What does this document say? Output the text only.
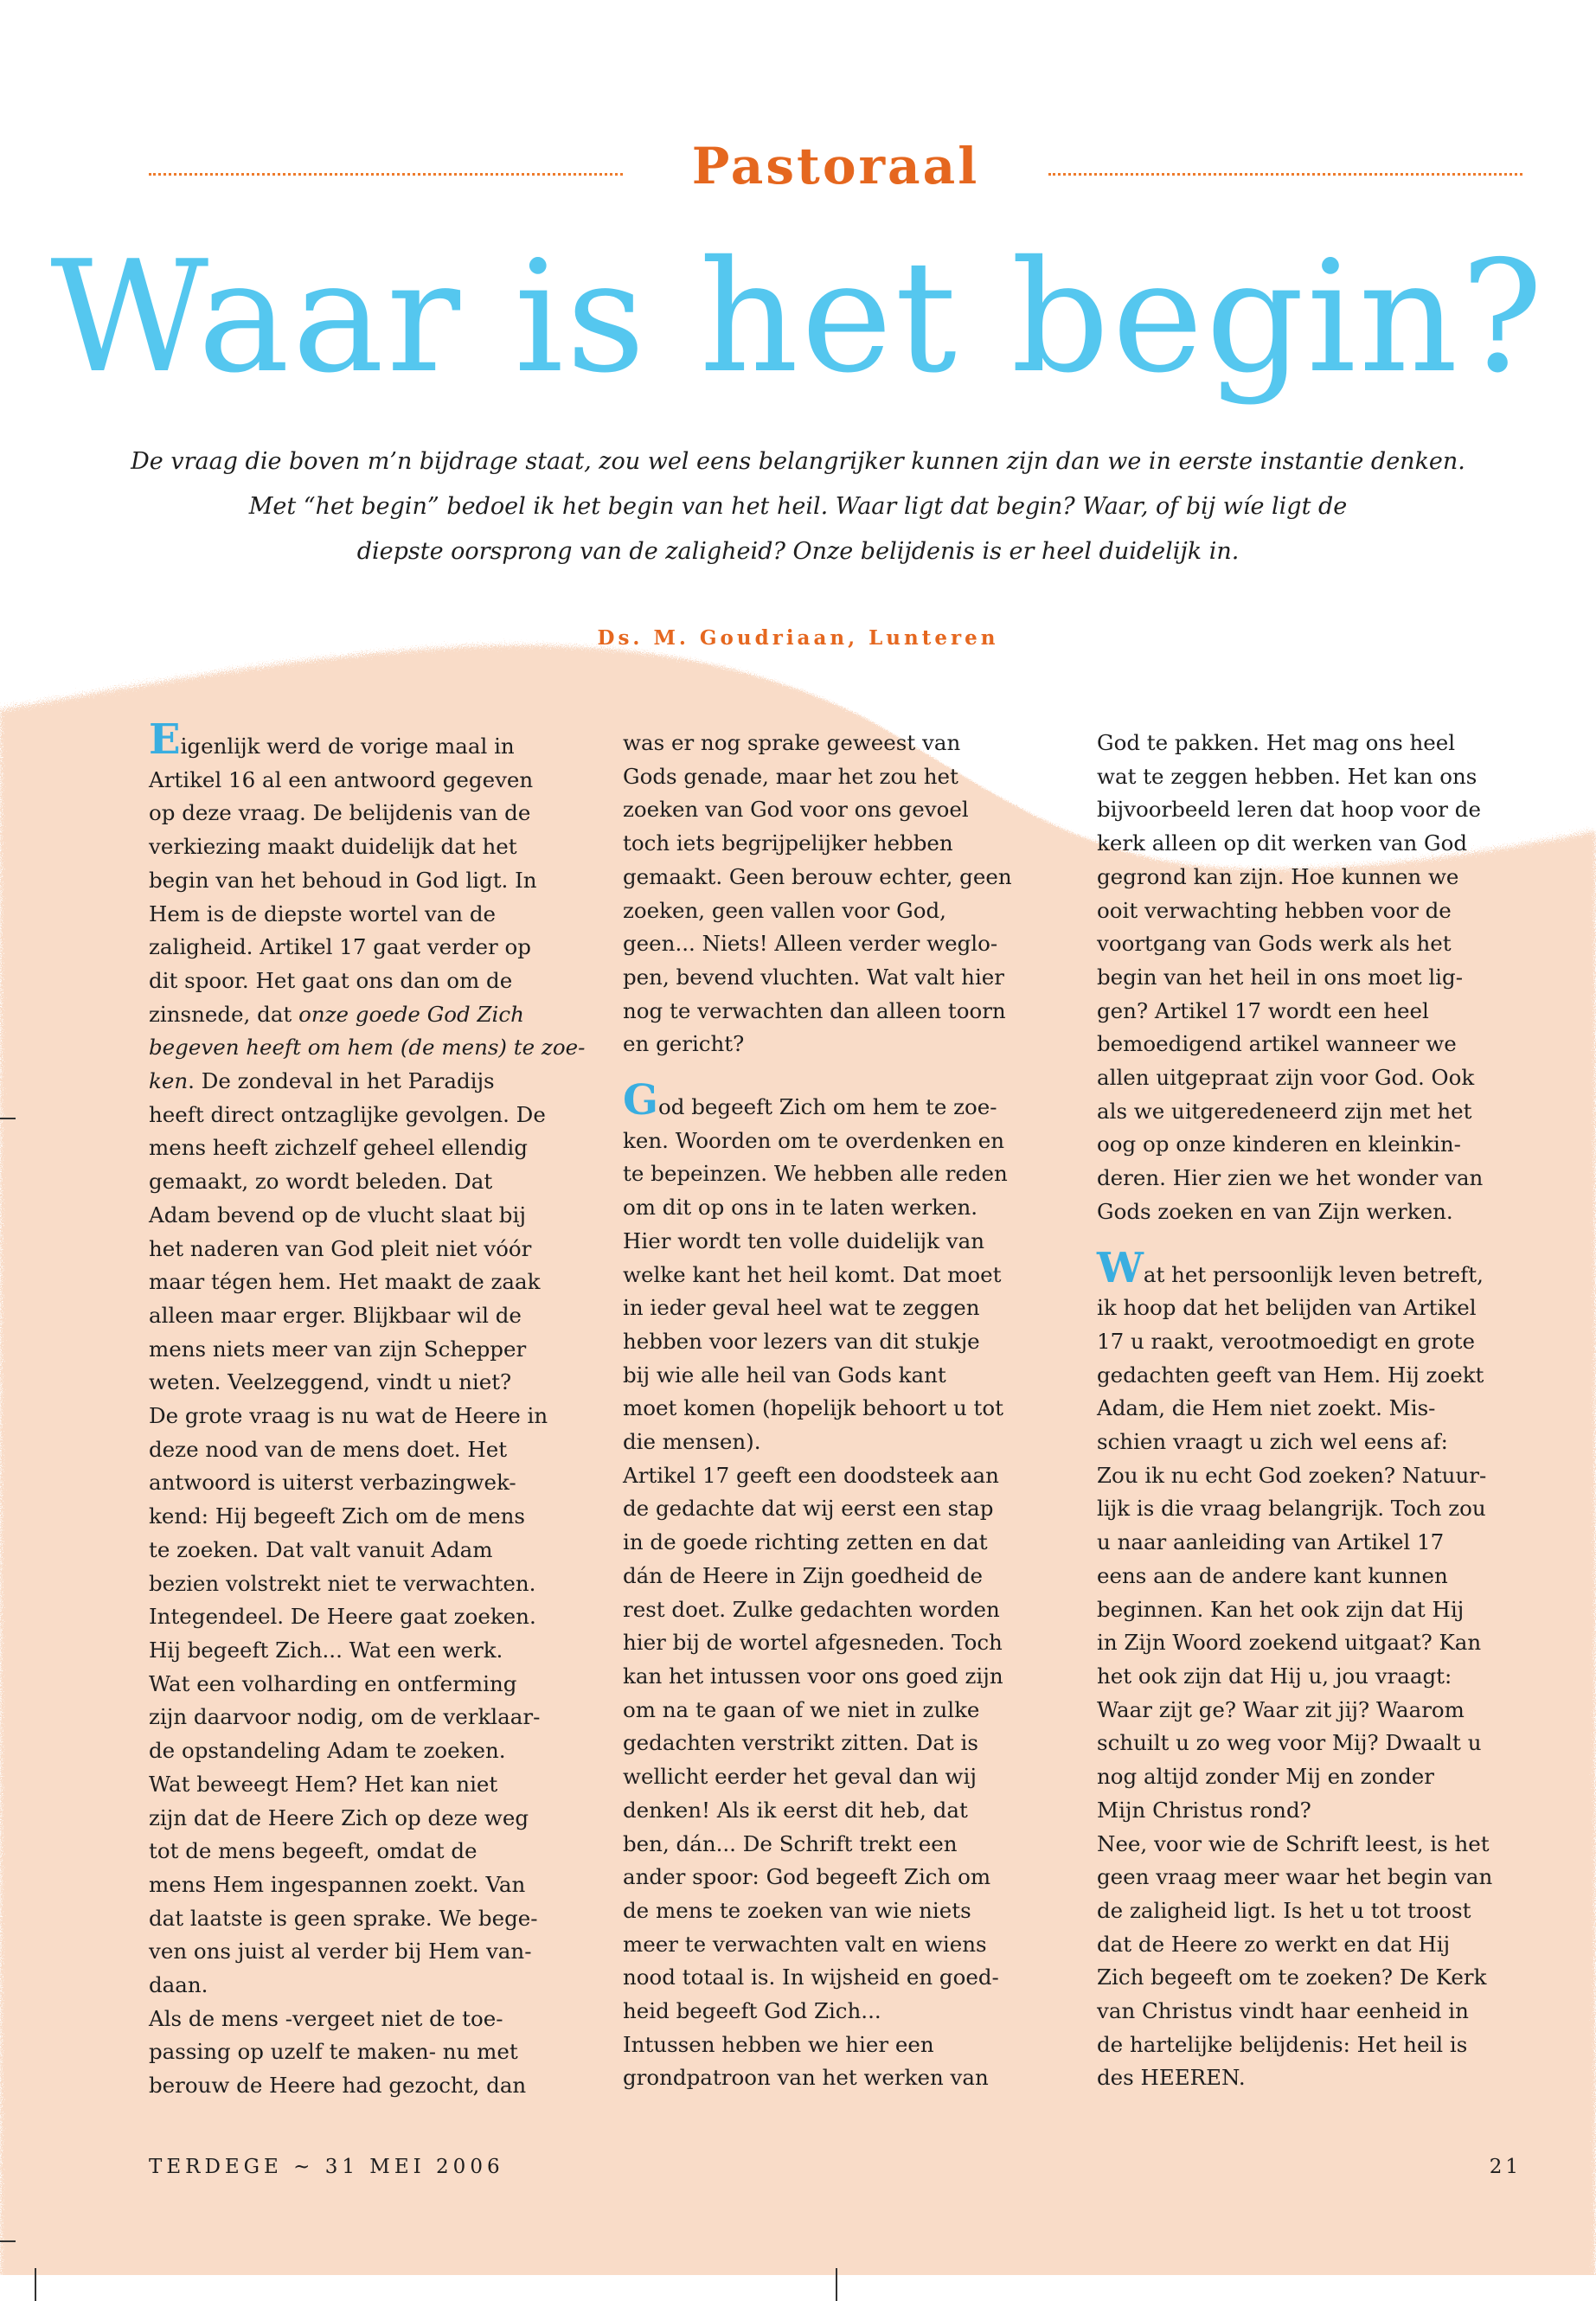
Pastoraal
Waar is het begin?
De vraag die boven m’n bijdrage staat, zou wel eens belangrijker kunnen zijn dan we in eerste instantie denken.
Met “het begin” bedoel ik het begin van het heil. Waar ligt dat begin? Waar, of bij wíe ligt de
diepste oorsprong van de zaligheid? Onze belijdenis is er heel duidelijk in.
Ds. M. Goudriaan, Lunteren

Eigenlijk werd de vorige maal in

Artikel 16 al een antwoord gegeven

op deze vraag. De belijdenis van de

verkiezing maakt duidelijk dat het

begin van het behoud in God ligt. In

Hem is de diepste wortel van de

zaligheid. Artikel 17 gaat verder op

dit spoor. Het gaat ons dan om de

zinsnede, dat onze goede God Zich

begeven heeft om hem (de mens) te zoe-

ken. De zondeval in het Paradijs

heeft direct ontzaglijke gevolgen. De

mens heeft zichzelf geheel ellendig

gemaakt, zo wordt beleden. Dat

Adam bevend op de vlucht slaat bij

het naderen van God pleit niet vóór

maar tégen hem. Het maakt de zaak

alleen maar erger. Blijkbaar wil de

mens niets meer van zijn Schepper

weten. Veelzeggend, vindt u niet?

De grote vraag is nu wat de Heere in

deze nood van de mens doet. Het

antwoord is uiterst verbazingwek-

kend: Hij begeeft Zich om de mens

te zoeken. Dat valt vanuit Adam

bezien volstrekt niet te verwachten.

Integendeel. De Heere gaat zoeken.

Hij begeeft Zich... Wat een werk.

Wat een volharding en ontferming

zijn daarvoor nodig, om de verklaar-

de opstandeling Adam te zoeken.

Wat beweegt Hem? Het kan niet

zijn dat de Heere Zich op deze weg

tot de mens begeeft, omdat de

mens Hem ingespannen zoekt. Van

dat laatste is geen sprake. We bege-

ven ons juist al verder bij Hem van-

daan.

Als de mens -vergeet niet de toe-

passing op uzelf te maken- nu met

berouw de Heere had gezocht, dan

was er nog sprake geweest van

Gods genade, maar het zou het

zoeken van God voor ons gevoel

toch iets begrijpelijker hebben

gemaakt. Geen berouw echter, geen

zoeken, geen vallen voor God,

geen... Niets! Alleen verder weglo-

pen, bevend vluchten. Wat valt hier

nog te verwachten dan alleen toorn

en gericht?

God begeeft Zich om hem te zoe-

ken. Woorden om te overdenken en

te bepeinzen. We hebben alle reden

om dit op ons in te laten werken.

Hier wordt ten volle duidelijk van

welke kant het heil komt. Dat moet

in ieder geval heel wat te zeggen

hebben voor lezers van dit stukje

bij wie alle heil van Gods kant

moet komen (hopelijk behoort u tot

die mensen).

Artikel 17 geeft een doodsteek aan

de gedachte dat wij eerst een stap

in de goede richting zetten en dat

dán de Heere in Zijn goedheid de

rest doet. Zulke gedachten worden

hier bij de wortel afgesneden. Toch

kan het intussen voor ons goed zijn

om na te gaan of we niet in zulke

gedachten verstrikt zitten. Dat is

wellicht eerder het geval dan wij

denken! Als ik eerst dit heb, dat

ben, dán... De Schrift trekt een

ander spoor: God begeeft Zich om

de mens te zoeken van wie niets

meer te verwachten valt en wiens

nood totaal is. In wijsheid en goed-

heid begeeft God Zich...

Intussen hebben we hier een

grondpatroon van het werken van

God te pakken. Het mag ons heel

wat te zeggen hebben. Het kan ons

bijvoorbeeld leren dat hoop voor de

kerk alleen op dit werken van God

gegrond kan zijn. Hoe kunnen we

ooit verwachting hebben voor de

voortgang van Gods werk als het

begin van het heil in ons moet lig-

gen? Artikel 17 wordt een heel

bemoedigend artikel wanneer we

allen uitgepraat zijn voor God. Ook

als we uitgeredeneerd zijn met het

oog op onze kinderen en kleinkin-

deren. Hier zien we het wonder van

Gods zoeken en van Zijn werken.

Wat het persoonlijk leven betreft,

ik hoop dat het belijden van Artikel

17 u raakt, verootmoedigt en grote

gedachten geeft van Hem. Hij zoekt

Adam, die Hem niet zoekt. Mis-

schien vraagt u zich wel eens af:

Zou ik nu echt God zoeken? Natuur-

lijk is die vraag belangrijk. Toch zou

u naar aanleiding van Artikel 17

eens aan de andere kant kunnen

beginnen. Kan het ook zijn dat Hij

in Zijn Woord zoekend uitgaat? Kan

het ook zijn dat Hij u, jou vraagt:

Waar zijt ge? Waar zit jij? Waarom

schuilt u zo weg voor Mij? Dwaalt u

nog altijd zonder Mij en zonder

Mijn Christus rond?

Nee, voor wie de Schrift leest, is het

geen vraag meer waar het begin van

de zaligheid ligt. Is het u tot troost

dat de Heere zo werkt en dat Hij

Zich begeeft om te zoeken? De Kerk

van Christus vindt haar eenheid in

de hartelijke belijdenis: Het heil is

des HEEREN.

TERDEGE ~ 31 MEI 2006	21
